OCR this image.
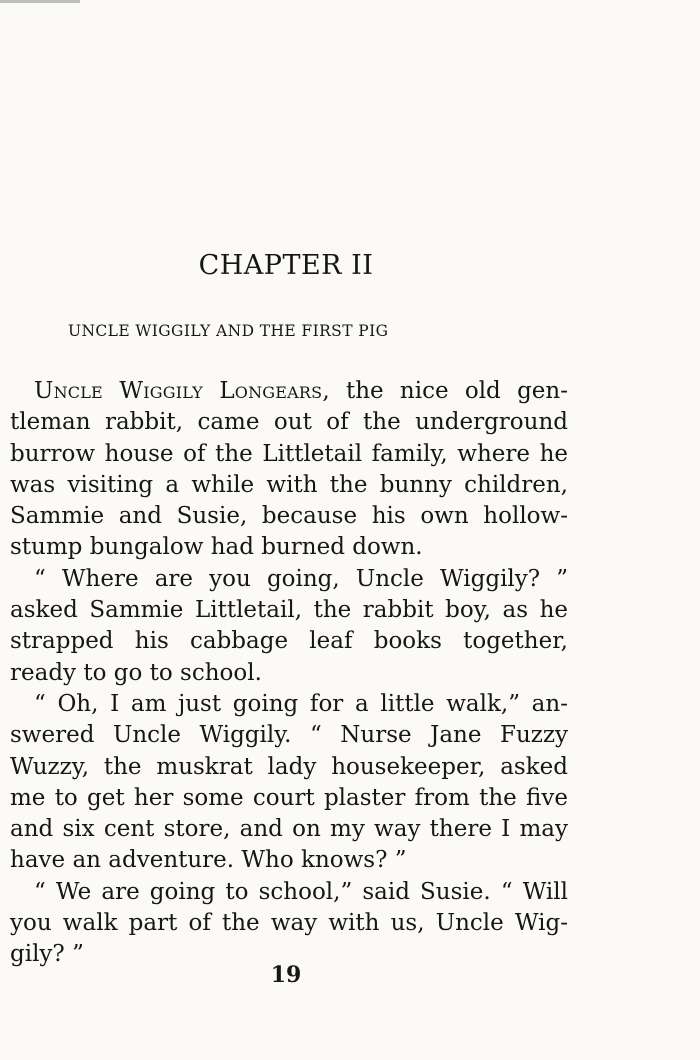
CHAPTER II
UNCLE WIGGILY AND THE FIRST PIG

Uncle Wiggily Longears, the nice old gentleman rabbit, came out of the underground burrow house of the Littletail family, where he was visiting a while with the bunny children, Sammie and Susie, because his own hollow-stump bungalow had burned down.

“ Where are you going, Uncle Wiggily? ” asked Sammie Littletail, the rabbit boy, as he strapped his cabbage leaf books together, ready to go to school.

“ Oh, I am just going for a little walk,” answered Uncle Wiggily. “ Nurse Jane Fuzzy Wuzzy, the muskrat lady housekeeper, asked me to get her some court plaster from the five and six cent store, and on my way there I may have an adventure. Who knows? ”

“ We are going to school,” said Susie. “ Will you walk part of the way with us, Uncle Wiggily? ”

19
